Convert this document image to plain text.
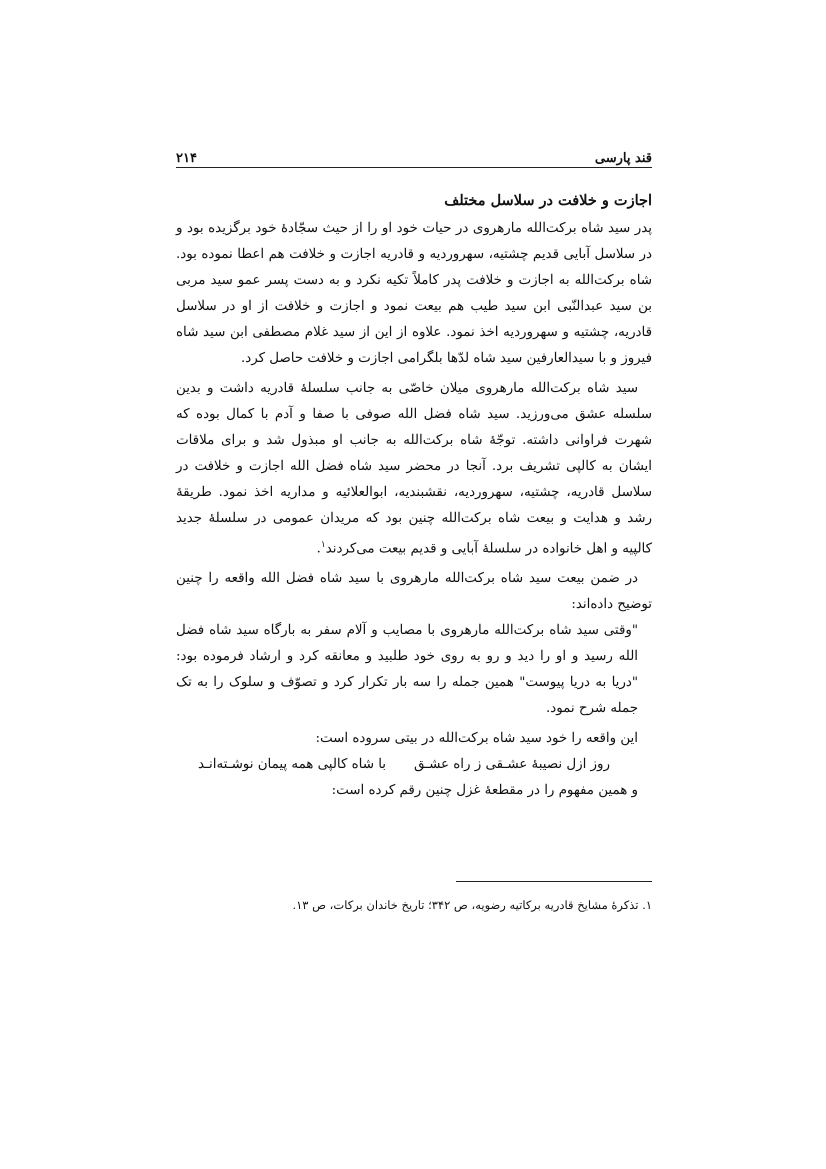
قند پارسی
۲۱۴
اجازت و خلافت در سلاسل مختلف

پدر سید شاه برکت‌الله مارهروی در حیات خود او را از حیث سجّادهٔ خود برگزیده بود و در سلاسل آبایی قدیم چشتیه، سهروردیه و قادریه اجازت و خلافت هم اعطا نموده بود. شاه برکت‌الله به اجازت و خلافت پدر کاملاً تکیه نکرد و به دست پسر عمو سید مربی بن سید عبدالنّبی ابن سید طیب هم بیعت نمود و اجازت و خلافت از او در سلاسل قادریه، چشتیه و سهروردیه اخذ نمود. علاوه از این از سید غلام مصطفی ابن سید شاه فیروز و با سیدالعارفین سید شاه لدّها بلگرامی اجازت و خلافت حاصل کرد.

سید شاه برکت‌الله مارهروی میلان خاصّی به جانب سلسلهٔ قادریه داشت و بدین سلسله عشق می‌ورزید. سید شاه فضل الله صوفی با صفا و آدم با کمال بوده که شهرت فراوانی داشته. توجّهٔ شاه برکت‌الله به جانب او مبذول شد و برای ملاقات ایشان به کالپی تشریف برد. آنجا در محضر سید شاه فضل الله اجازت و خلافت در سلاسل قادریه، چشتیه، سهروردیه، نقشبندیه، ابوالعلائیه و مداریه اخذ نمود. طریقهٔ رشد و هدایت و بیعت شاه برکت‌الله چنین بود که مریدان عمومی در سلسلهٔ جدید کالپیه و اهل خانواده در سلسلهٔ آبایی و قدیم بیعت می‌کردند$^۱$.

در ضمن بیعت سید شاه برکت‌الله مارهروی با سید شاه فضل الله واقعه را چنین توضیح داده‌اند:

"وقتی سید شاه برکت‌الله مارهروی با مصایب و آلام سفر به بارگاه سید شاه فضل الله رسید و او را دید و رو به روی خود طلبید و معانقه کرد و ارشاد فرموده بود: "دریا به دریا پیوست" همین جمله را سه بار تکرار کرد و تصوّف و سلوک را به تک جمله شرح نمود.

این واقعه را خود سید شاه برکت‌الله در بیتی سروده است:

روز ازل نصیبهٔ عشـقی ز راه عشـق
با شاه کالپی همه پیمان نوشـته‌انـد

و همین مفهوم را در مقطعهٔ غزل چنین رقم کرده است:

۱. تذکرهٔ مشایخ قادریه برکاتیه رضویه، ص ۳۴۲؛ تاریخ خاندان برکات، ص ۱۳.
